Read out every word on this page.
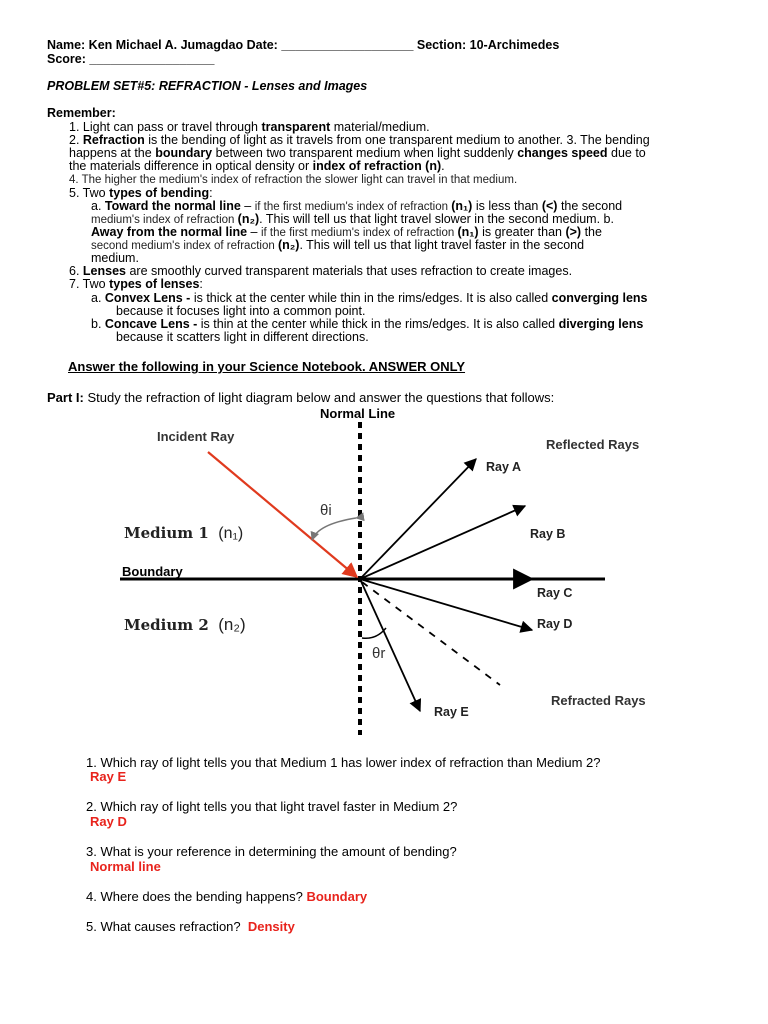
Name: Ken Michael A. Jumagdao Date: ___________________ Section: 10-Archimedes
Score: __________________
PROBLEM SET#5: REFRACTION - Lenses and Images
Remember:
1. Light can pass or travel through transparent material/medium.
2. Refraction is the bending of light as it travels from one transparent medium to another. 3. The bending
happens at the boundary between two transparent medium when light suddenly changes speed due to
the materials difference in optical density or index of refraction (n).
4. The higher the medium's index of refraction the slower light can travel in that medium.
5. Two types of bending:
a. Toward the normal line – if the first medium's index of refraction (n₁) is less than (<) the second
medium's index of refraction (n₂). This will tell us that light travel slower in the second medium. b.
Away from the normal line – if the first medium's index of refraction (n₁) is greater than (>) the
second medium's index of refraction (n₂). This will tell us that light travel faster in the second
medium.
6. Lenses are smoothly curved transparent materials that uses refraction to create images.
7. Two types of lenses:
a. Convex Lens - is thick at the center while thin in the rims/edges. It is also called converging lens
because it focuses light into a common point.
b. Concave Lens - is thin at the center while thick in the rims/edges. It is also called diverging lens
because it scatters light in different directions.
Answer the following in your Science Notebook. ANSWER ONLY
Part I: Study the refraction of light diagram below and answer the questions that follows:
Normal Line
Incident Ray
Reflected Rays
Refracted Rays
θi
θr
Medium 1 (n₁)
Medium 2 (n₂)
Boundary
Ray A
Ray B
Ray C
Ray D
Ray E
1. Which ray of light tells you that Medium 1 has lower index of refraction than Medium 2?
Ray E
2. Which ray of light tells you that light travel faster in Medium 2?
Ray D
3. What is your reference in determining the amount of bending?
Normal line
4. Where does the bending happens? Boundary
5. What causes refraction? Density
